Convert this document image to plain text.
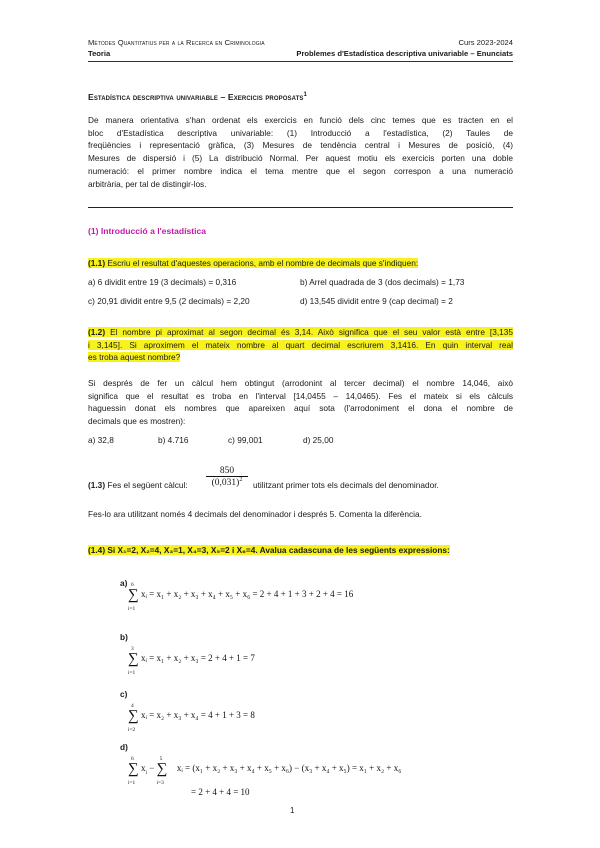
Mètodes Quantitatius per a la Recerca en Criminologia	Curs 2023-2024
Teoria	Problemes d'Estadística descriptiva univariable – Enunciats
Estadística descriptiva univariable – Exercicis proposats$^1$
De manera orientativa s'han ordenat els exercicis en funció dels cinc temes que es tracten en el
bloc d'Estadística descriptiva univariable: (1) Introducció a l'estadística, (2) Taules de
freqüències i representació gràfica, (3) Mesures de tendència central i Mesures de posició, (4)
Mesures de dispersió i (5) La distribució Normal. Per aquest motiu els exercicis porten una doble
numeració: el primer nombre indica el tema mentre que el segon correspon a una numeració
arbitrària, per tal de distingir-los.
(1) Introducció a l'estadística
(1.1) Escriu el resultat d'aquestes operacions, amb el nombre de decimals que s'indiquen:
a) 6 dividit entre 19 (3 decimals) = 0,316	b) Arrel quadrada de 3 (dos decimals) = 1,73
c) 20,91 dividit entre 9,5 (2 decimals) = 2,20	d) 13,545 dividit entre 9 (cap decimal) = 2
(1.2) El nombre pi aproximat al segon decimal és 3,14. Això significa que el seu valor està entre [3,135
i 3,145]. Si aproximem el mateix nombre al quart decimal escriurem 3,1416. En quin interval real
es troba aquest nombre?
Si després de fer un càlcul hem obtingut (arrodonint al tercer decimal) el nombre 14,046, això
significa que el resultat es troba en l'interval [14,0455 – 14,0465). Fes el mateix si els càlculs
haguessin donat els nombres que apareixen aquí sota (l'arrodoniment el dona el nombre de
decimals que es mostren):
a) 32,8	b) 4.716	c) 99,001	d) 25,00
(1.3) Fes el següent càlcul: $\frac{850}{(0,031)^2}$ utilitzant primer tots els decimals del denominador.
Fes-lo ara utilitzant només 4 decimals del denominador i després 5. Comenta la diferència.
(1.4) Si X₁=2, X₂=4, X₃=1, X₄=3, X₅=2 i X₆=4. Avalua cadascuna de les següents expressions:
a) 6
∑
i=1
xᵢ = x₁ + x₂ + x₃ + x₄ + x₅ + x₆ = 2 + 4 + 1 + 3 + 2 + 4 = 16
b)
3
∑
i=1
xᵢ = x₁ + x₂ + x₃ = 2 + 4 + 1 = 7
c)
4
∑
i=2
xᵢ = x₂ + x₃ + x₄ = 4 + 1 + 3 = 8
d)
6
∑
i=1
$x_i$ −
5
∑
i=3
xᵢ = (x₁ + x₂ + x₃ + x₄ + x₅ + x₆) − (x₃ + x₄ + x₅) = x₁ + x₂ + x₆
= 2 + 4 + 4 = 10
1
